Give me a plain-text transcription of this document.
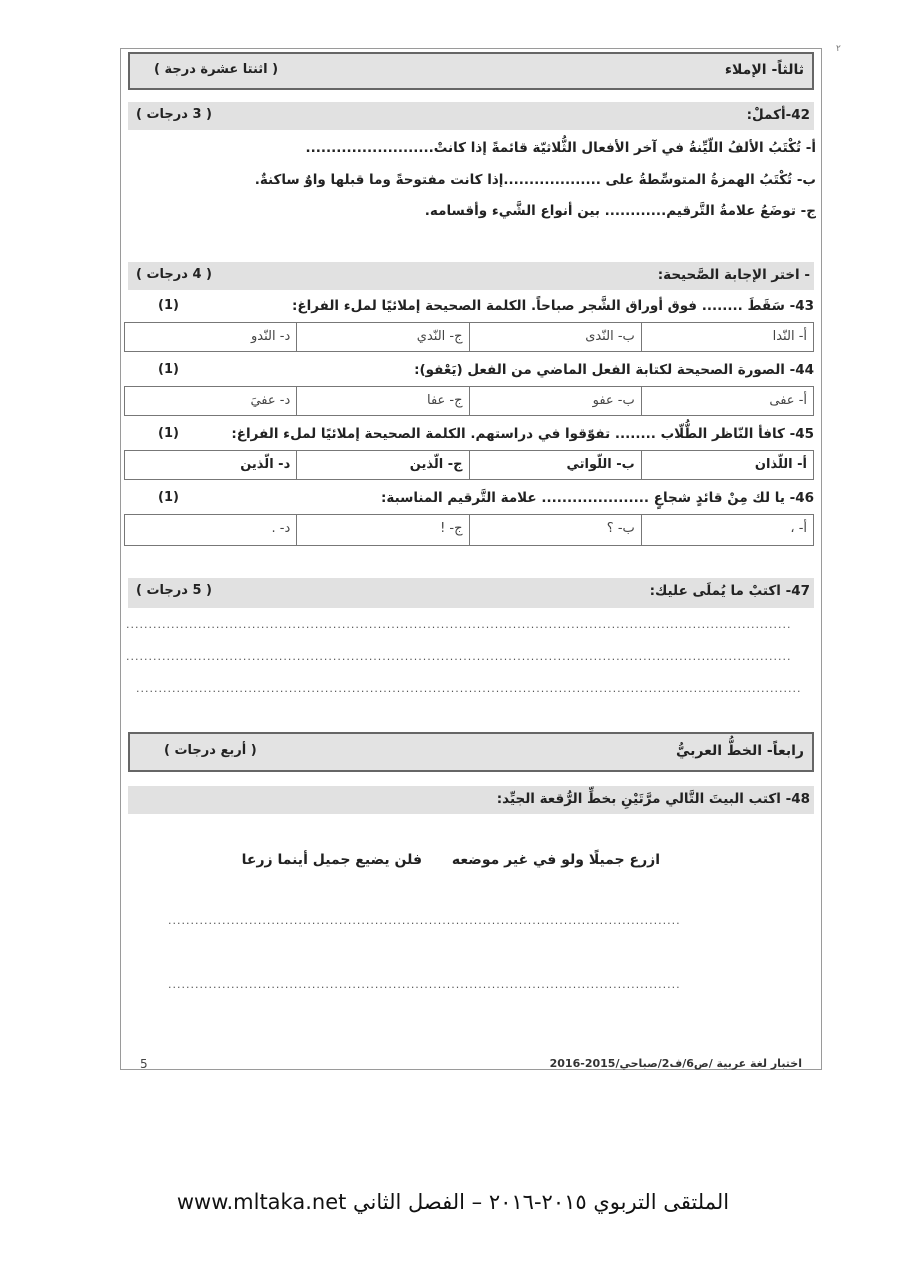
٢
ثالثاً- الإملاء
( اثنتا عشرة درجة )
42-أكملْ:
( 3 درجات )
أ- تُكْتَبُ الألفُ اللّيِّنةُ في آخر الأفعال الثُّلاثيّة قائمةً إذا كانتْ.........................
ب- تُكْتَبُ الهمزةُ المتوسِّطةُ على ...................إذا كانت مفتوحةً وما قبلها واوٌ ساكنةٌ.
ج- توضَعُ علامةُ التَّرقيم............ بين أنواع الشَّيء وأقسامه.
- اختر الإجابة الصَّحيحة:
( 4 درجات )
43- سَقَطَ ........ فوق أوراق الشَّجر صباحاً. الكلمة الصحيحة إملائيًا لملء الفراغ:
(1)
أ- النّدا
ب- النّدى
ج- النّدي
د- النّدو
44- الصورة الصحيحة لكتابة الفعل الماضي من الفعل (يَعْفو):
(1)
أ- عفى
ب- عفو
ج- عفا
د- عفيَ
45- كافأ النّاظر الطُّلّاب ........ تفوّقوا في دراستهم. الكلمة الصحيحة إملائيًا لملء الفراغ:
(1)
أ- اللّذان
ب- اللّواتي
ج- الّذين
د- الّذين
46- يا لك مِنْ قائدٍ شجاعٍ ..................... علامة التَّرقيم المناسبة:
(1)
أ- ،
ب- ؟
ج- !
د- .
47- اكتبْ ما يُملَى عليك:
( 5 درجات )
....................................................................................................................................................
....................................................................................................................................................
....................................................................................................................................................
رابعاً- الخطُّ العربيُّ
( أربع درجات )
48- اكتب البيتَ التَّالي مرَّتَيْنِ بخطِّ الرُّقعة الجيِّد:
ازرع جميلًا ولو في غير موضعه
فلن يضيع جميل أينما زرعا
..................................................................................................................
..................................................................................................................
5	اختبار لغة عربية /ص6/ف2/صباحي/2015-2016
الملتقى التربوي ٢٠١٥-٢٠١٦ – الفصل الثاني www.mltaka.net
